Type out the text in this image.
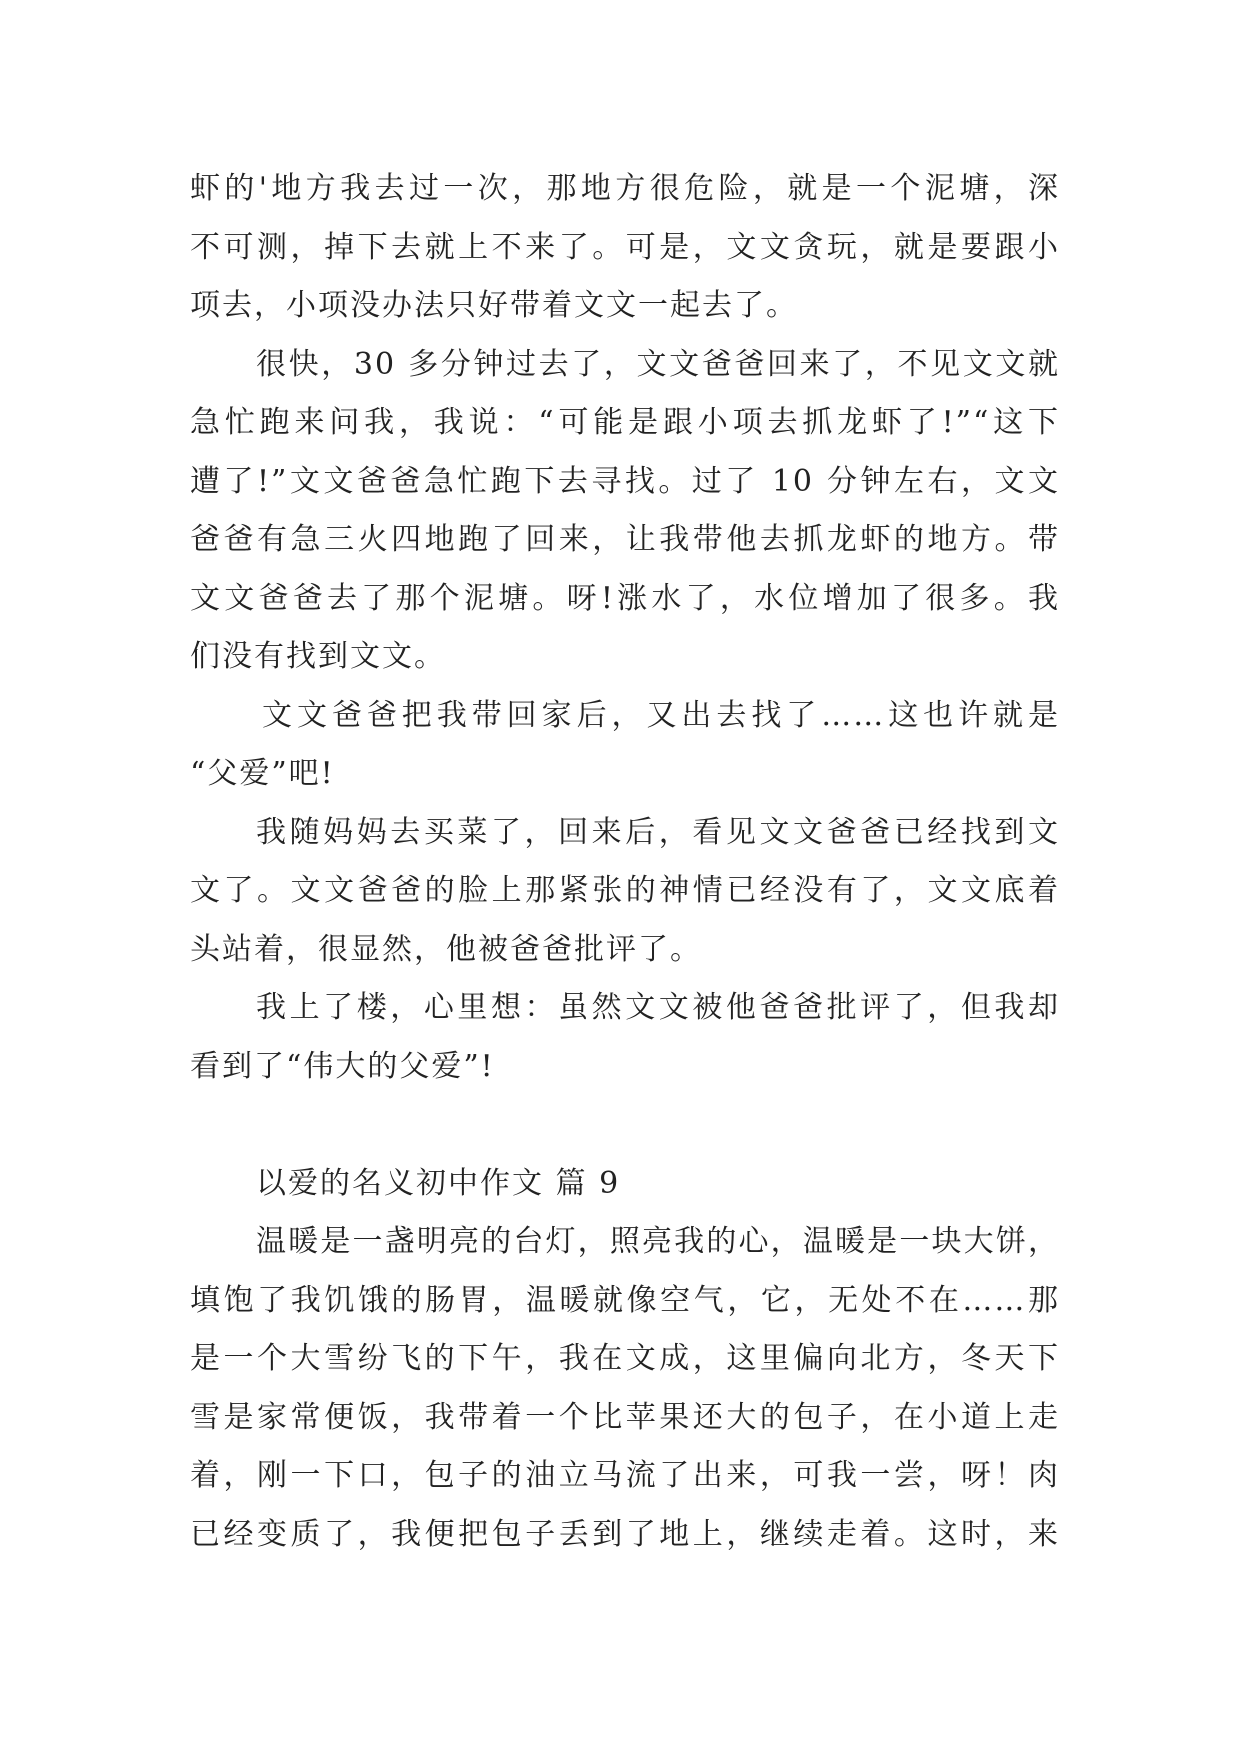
虾的'地方我去过一次，那地方很危险，就是一个泥塘，深
不可测，掉下去就上不来了。可是，文文贪玩，就是要跟小
项去，小项没办法只好带着文文一起去了。
很快，30 多分钟过去了，文文爸爸回来了，不见文文就
急忙跑来问我，我说：“可能是跟小项去抓龙虾了!”“这下
遭了!”文文爸爸急忙跑下去寻找。过了 10 分钟左右，文文
爸爸有急三火四地跑了回来，让我带他去抓龙虾的地方。带
文文爸爸去了那个泥塘。呀!涨水了，水位增加了很多。我
们没有找到文文。
文文爸爸把我带回家后，又出去找了……这也许就是
“父爱”吧!
我随妈妈去买菜了，回来后，看见文文爸爸已经找到文
文了。文文爸爸的脸上那紧张的神情已经没有了，文文底着
头站着，很显然，他被爸爸批评了。
我上了楼，心里想：虽然文文被他爸爸批评了，但我却
看到了“伟大的父爱”!
以爱的名义初中作文 篇 9
温暖是一盏明亮的台灯，照亮我的心，温暖是一块大饼，
填饱了我饥饿的肠胃，温暖就像空气，它，无处不在……那
是一个大雪纷飞的下午，我在文成，这里偏向北方，冬天下
雪是家常便饭，我带着一个比苹果还大的包子，在小道上走
着，刚一下口，包子的油立马流了出来，可我一尝，呀！肉
已经变质了，我便把包子丢到了地上，继续走着。这时，来
